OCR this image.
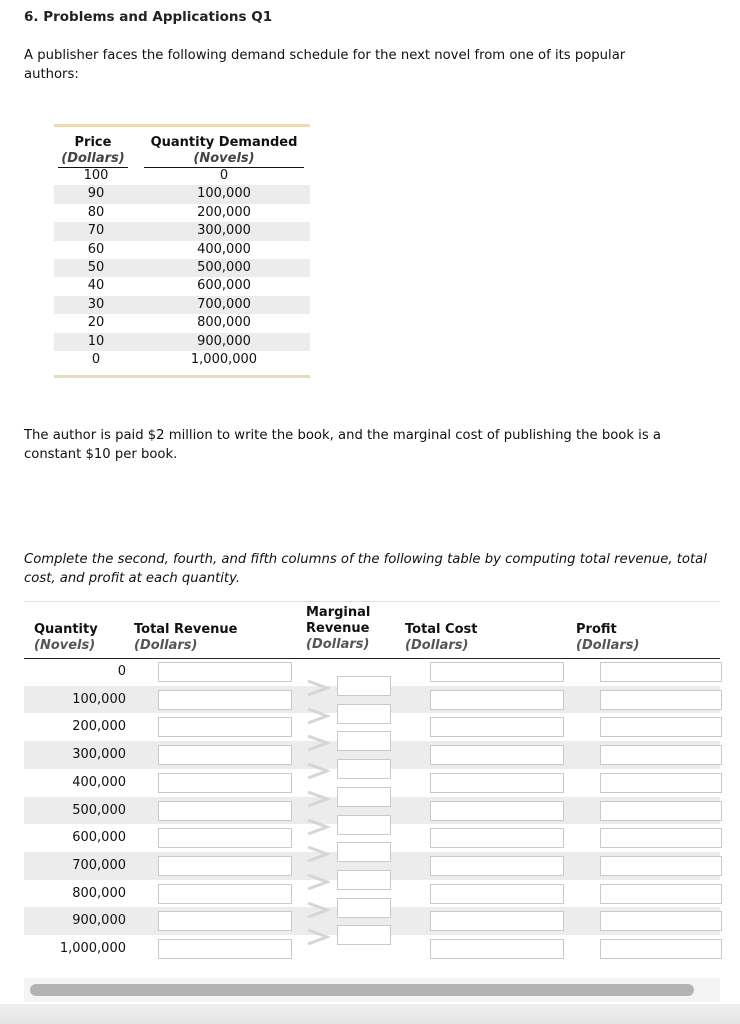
6. Problems and Applications Q1
A publisher faces the following demand schedule for the next novel from one of its popular authors:
Price
(Dollars)
Quantity Demanded
(Novels)
100	0
90	100,000
80	200,000
70	300,000
60	400,000
50	500,000
40	600,000
30	700,000
20	800,000
10	900,000
0	1,000,000
The author is paid $2 million to write the book, and the marginal cost of publishing the book is a constant $10 per book.
Complete the second, fourth, and fifth columns of the following table by computing total revenue, total cost, and profit at each quantity.
Quantity
(Novels)
Total Revenue
(Dollars)
Marginal
Revenue
(Dollars)
Total Cost
(Dollars)
Profit
(Dollars)
0
100,000
200,000
300,000
400,000
500,000
600,000
700,000
800,000
900,000
1,000,000
